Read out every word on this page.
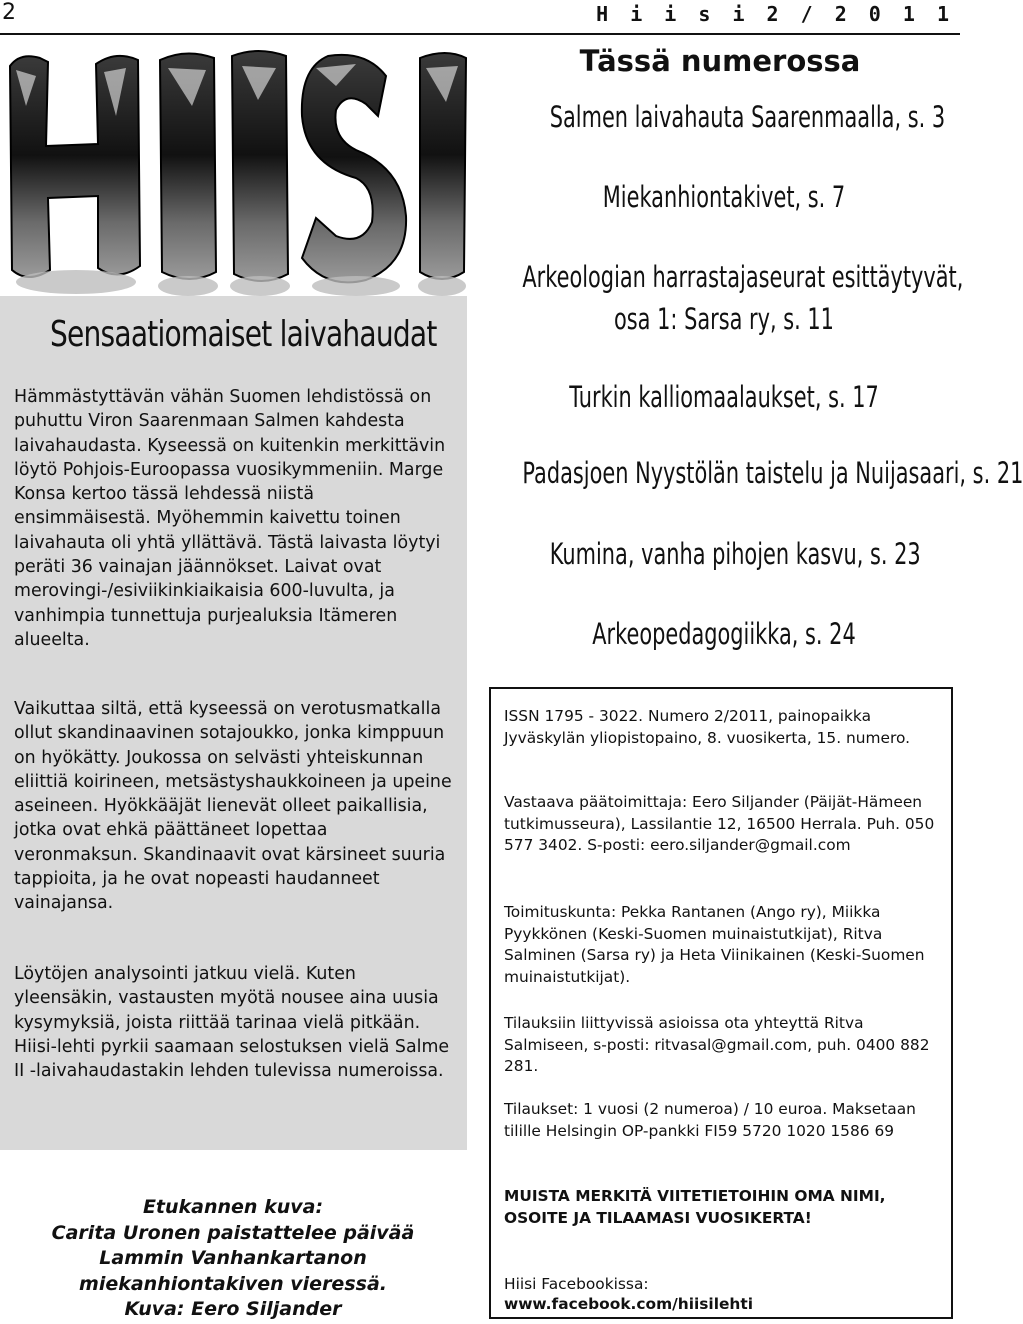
2	H i i s i 2 / 2 0 1 1
Sensaatiomaiset laivahaudat

Hämmästyttävän vähän Suomen lehdistössä on puhuttu Viron Saarenmaan Salmen kahdesta laivahaudasta. Kyseessä on kuitenkin merkittävin löytö Pohjois-Euroopassa vuosikymmeniin. Marge Konsa kertoo tässä lehdessä niistä ensimmäisestä. Myöhemmin kaivettu toinen laivahauta oli yhtä yllättävä. Tästä laivasta löytyi peräti 36 vainajan jäännökset. Laivat ovat merovingi-/esiviikinkiaikaisia 600-luvulta, ja vanhimpia tunnettuja purjealuksia Itämeren alueelta.

Vaikuttaa siltä, että kyseessä on verotusmatkalla ollut skandinaavinen sotajoukko, jonka kimppuun on hyökätty. Joukossa on selvästi yhteiskunnan eliittiä koirineen, metsästyshaukkoineen ja upeine aseineen. Hyökkääjät lienevät olleet paikallisia, jotka ovat ehkä päättäneet lopettaa veronmaksun. Skandinaavit ovat kärsineet suuria tappioita, ja he ovat nopeasti haudanneet vainajansa.

Löytöjen analysointi jatkuu vielä. Kuten yleensäkin, vastausten myötä nousee aina uusia kysymyksiä, joista riittää tarinaa vielä pitkään. Hiisi-lehti pyrkii saamaan selostuksen vielä Salme II -laivahaudastakin lehden tulevissa numeroissa.

Etukannen kuva:
Carita Uronen paistattelee päivää
Lammin Vanhankartanon
miekanhiontakiven vieressä.
Kuva: Eero Siljander
Tässä numerossa
Salmen laivahauta Saarenmaalla, s. 3
Miekanhiontakivet, s. 7
Arkeologian harrastajaseurat esittäytyvät,
osa 1: Sarsa ry, s. 11
Turkin kalliomaalaukset, s. 17
Padasjoen Nyystölän taistelu ja Nuijasaari, s. 21
Kumina, vanha pihojen kasvu, s. 23
Arkeopedagogiikka, s. 24

ISSN 1795 - 3022. Numero 2/2011, painopaikka Jyväskylän yliopistopaino, 8. vuosikerta, 15. numero.

Vastaava päätoimittaja: Eero Siljander (Päijät-Hämeen tutkimusseura), Lassilantie 12, 16500 Herrala. Puh. 050 577 3402. S-posti: eero.siljander@gmail.com

Toimituskunta: Pekka Rantanen (Ango ry), Miikka Pyykkönen (Keski-Suomen muinaistutkijat), Ritva Salminen (Sarsa ry) ja Heta Viinikainen (Keski-Suomen muinaistutkijat).

Tilauksiin liittyvissä asioissa ota yhteyttä Ritva Salmiseen, s-posti: ritvasal@gmail.com, puh. 0400 882 281.

Tilaukset: 1 vuosi (2 numeroa) / 10 euroa. Maksetaan tilille Helsingin OP-pankki FI59 5720 1020 1586 69

MUISTA MERKITÄ VIITETIETOIHIN OMA NIMI, OSOITE JA TILAAMASI VUOSIKERTA!

Hiisi Facebookissa:
www.facebook.com/hiisilehti
